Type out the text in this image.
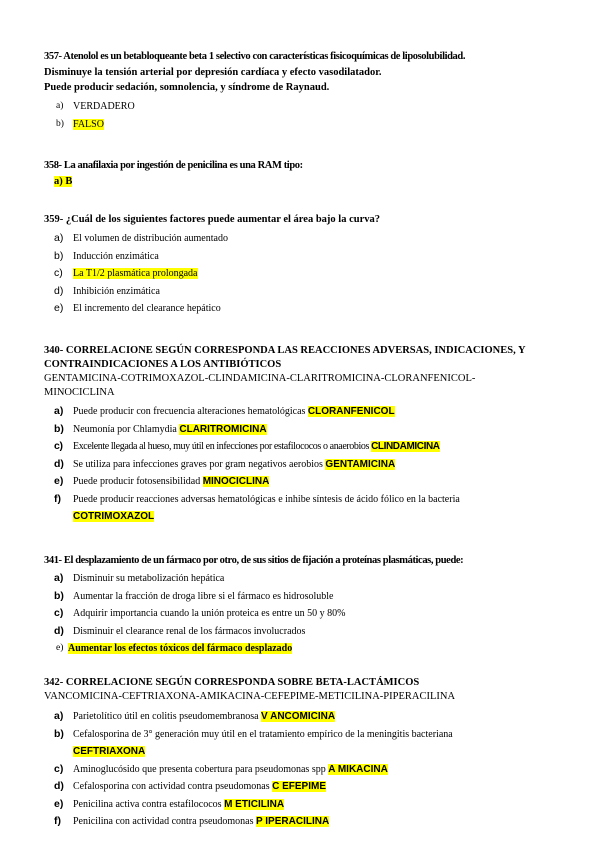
357- Atenolol es un betabloqueante beta 1 selectivo con características fisicoquímicas de liposolubilidad.
Disminuye la tensión arterial por depresión cardíaca y efecto vasodilatador.
Puede producir sedación, somnolencia, y síndrome de Raynaud.
a) VERDADERO
b) FALSO
358- La anafilaxia por ingestión de penicilina es una RAM tipo:
a) B
359- ¿Cuál de los siguientes factores puede aumentar el área bajo la curva?
a) El volumen de distribución aumentado
b) Inducción enzimática
c) La T1/2 plasmática prolongada
d) Inhibición enzimática
e) El incremento del clearance hepático
340- CORRELACIONE SEGÚN CORRESPONDA LAS REACCIONES ADVERSAS, INDICACIONES, Y
CONTRAINDICACIONES A LOS ANTIBIÓTICOS
GENTAMICINA-COTRIMOXAZOL-CLINDAMICINA-CLARITROMICINA-CLORANFENICOL-
MINOCICLINA
a) Puede producir con frecuencia alteraciones hematológicas CLORANFENICOL
b) Neumonía por Chlamydia CLARITROMICINA
c) Excelente llegada al hueso, muy útil en infecciones por estafilococos o anaerobios CLINDAMICINA
d) Se utiliza para infecciones graves por gram negativos aerobios GENTAMICINA
e) Puede producir fotosensibilidad MINOCICLINA
f) Puede producir reacciones adversas hematológicas e inhibe síntesis de ácido fólico en la bacteria
COTRIMOXAZOL
341- El desplazamiento de un fármaco por otro, de sus sitios de fijación a proteínas plasmáticas, puede:
a) Disminuir su metabolización hepática
b) Aumentar la fracción de droga libre si el fármaco es hidrosoluble
c) Adquirir importancia cuando la unión proteica es entre un 50 y 80%
d) Disminuir el clearance renal de los fármacos involucrados
e) Aumentar los efectos tóxicos del fármaco desplazado
342- CORRELACIONE SEGÚN CORRESPONDA SOBRE BETA-LACTÁMICOS
VANCOMICINA-CEFTRIAXONA-AMIKACINA-CEFEPIME-METICILINA-PIPERACILINA
a) Parietolítico útil en colitis pseudomembranosa V ANCOMICINA
b) Cefalosporina de 3° generación muy útil en el tratamiento empírico de la meningitis bacteriana
CEFTRIAXONA
c) Aminoglucósido que presenta cobertura para pseudomonas spp A MIKACINA
d) Cefalosporina con actividad contra pseudomonas C EFEPIME
e) Penicilina activa contra estafilococos M ETICILINA
f) Penicilina con actividad contra pseudomonas P IPERACILINA
